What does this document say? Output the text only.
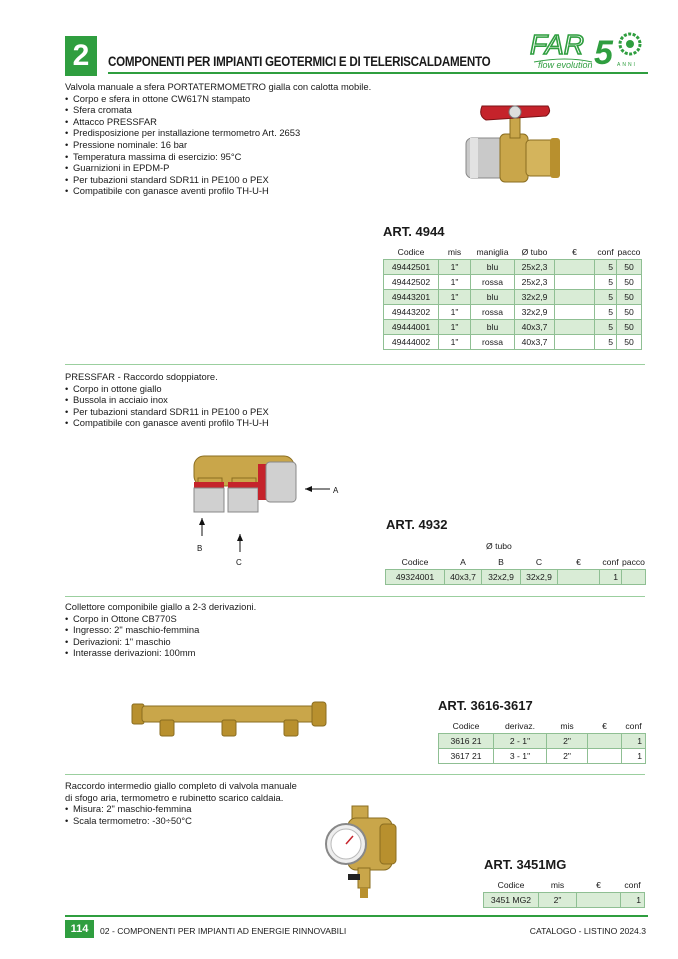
2	COMPONENTI PER IMPIANTI GEOTERMICI E DI TELERISCALDAMENTO
FAR 5
flow evolution	ANNI
Valvola manuale a sfera PORTATERMOMETRO gialla con calotta mobile.
• Corpo e sfera in ottone CW617N stampato
• Sfera cromata
• Attacco PRESSFAR
• Predisposizione per installazione termometro Art. 2653
• Pressione nominale: 16 bar
• Temperatura massima di esercizio: 95°C
• Guarnizioni in EPDM-P
• Per tubazioni standard SDR11 in PE100 o PEX
• Compatibile con ganasce aventi profilo TH-U-H
ART. 4944
Codice	mis	maniglia	Ø tubo	€	conf	pacco
49442501	1"	blu	25x2,3		5	50
49442502	1"	rossa	25x2,3		5	50
49443201	1"	blu	32x2,9		5	50
49443202	1"	rossa	32x2,9		5	50
49444001	1"	blu	40x3,7		5	50
49444002	1"	rossa	40x3,7		5	50
PRESSFAR - Raccordo sdoppiatore.
• Corpo in ottone giallo
• Bussola in acciaio inox
• Per tubazioni standard SDR11 in PE100 o PEX
• Compatibile con ganasce aventi profilo TH-U-H
A
B
C
ART. 4932
Ø tubo
Codice	A	B	C	€	conf	pacco
49324001	40x3,7	32x2,9	32x2,9		1	
Collettore componibile giallo a 2-3 derivazioni.
• Corpo in Ottone CB770S
• Ingresso: 2" maschio-femmina
• Derivazioni: 1" maschio
• Interasse derivazioni: 100mm
ART. 3616-3617
Codice	derivaz.	mis	€	conf
3616 21	2 - 1"	2"		1
3617 21	3 - 1"	2"		1
Raccordo intermedio giallo completo di valvola manuale di sfogo aria, termometro e rubinetto scarico caldaia.
• Misura: 2" maschio-femmina
• Scala termometro: -30÷50°C
ART. 3451MG
Codice	mis	€	conf
3451 MG2	2"		1
114	02 - COMPONENTI PER IMPIANTI AD ENERGIE RINNOVABILI	CATALOGO - LISTINO 2024.3
